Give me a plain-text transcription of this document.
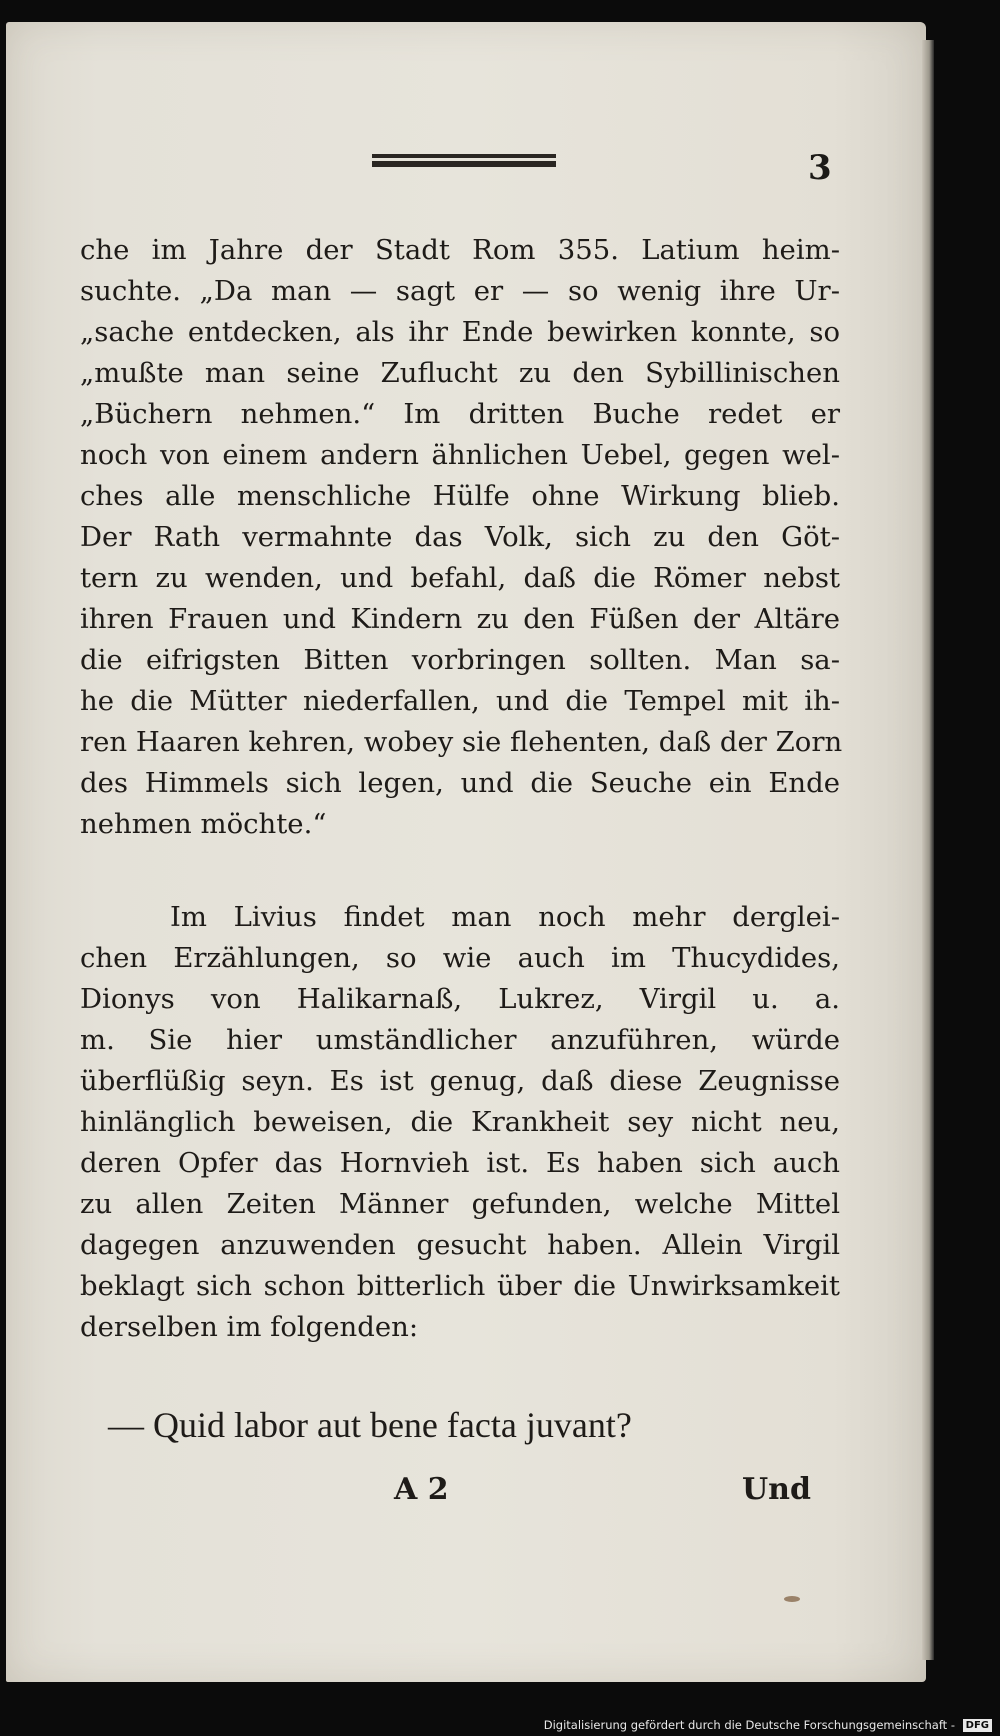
3
che im Jahre der Stadt Rom 355. Latium heim-
suchte. „Da man — sagt er — so wenig ihre Ur-
„sache entdecken, als ihr Ende bewirken konnte, so
„mußte man seine Zuflucht zu den Sybillinischen
„Büchern nehmen.“ Im dritten Buche redet er
noch von einem andern ähnlichen Uebel, gegen wel-
ches alle menschliche Hülfe ohne Wirkung blieb.
Der Rath vermahnte das Volk, sich zu den Göt-
tern zu wenden, und befahl, daß die Römer nebst
ihren Frauen und Kindern zu den Füßen der Altäre
die eifrigsten Bitten vorbringen sollten. Man sa-
he die Mütter niederfallen, und die Tempel mit ih-
ren Haaren kehren, wobey sie flehenten, daß der Zorn
des Himmels sich legen, und die Seuche ein Ende
nehmen möchte.“
Im Livius findet man noch mehr derglei-
chen Erzählungen, so wie auch im Thucydides,
Dionys von Halikarnaß, Lukrez, Virgil u. a.
m. Sie hier umständlicher anzuführen, würde
überflüßig seyn. Es ist genug, daß diese Zeugnisse
hinlänglich beweisen, die Krankheit sey nicht neu,
deren Opfer das Hornvieh ist. Es haben sich auch
zu allen Zeiten Männer gefunden, welche Mittel
dagegen anzuwenden gesucht haben. Allein Virgil
beklagt sich schon bitterlich über die Unwirksamkeit
derselben im folgenden:
— Quid labor aut bene facta juvant?
A 2	Und
Digitalisierung gefördert durch die Deutsche Forschungsgemeinschaft - DFG
